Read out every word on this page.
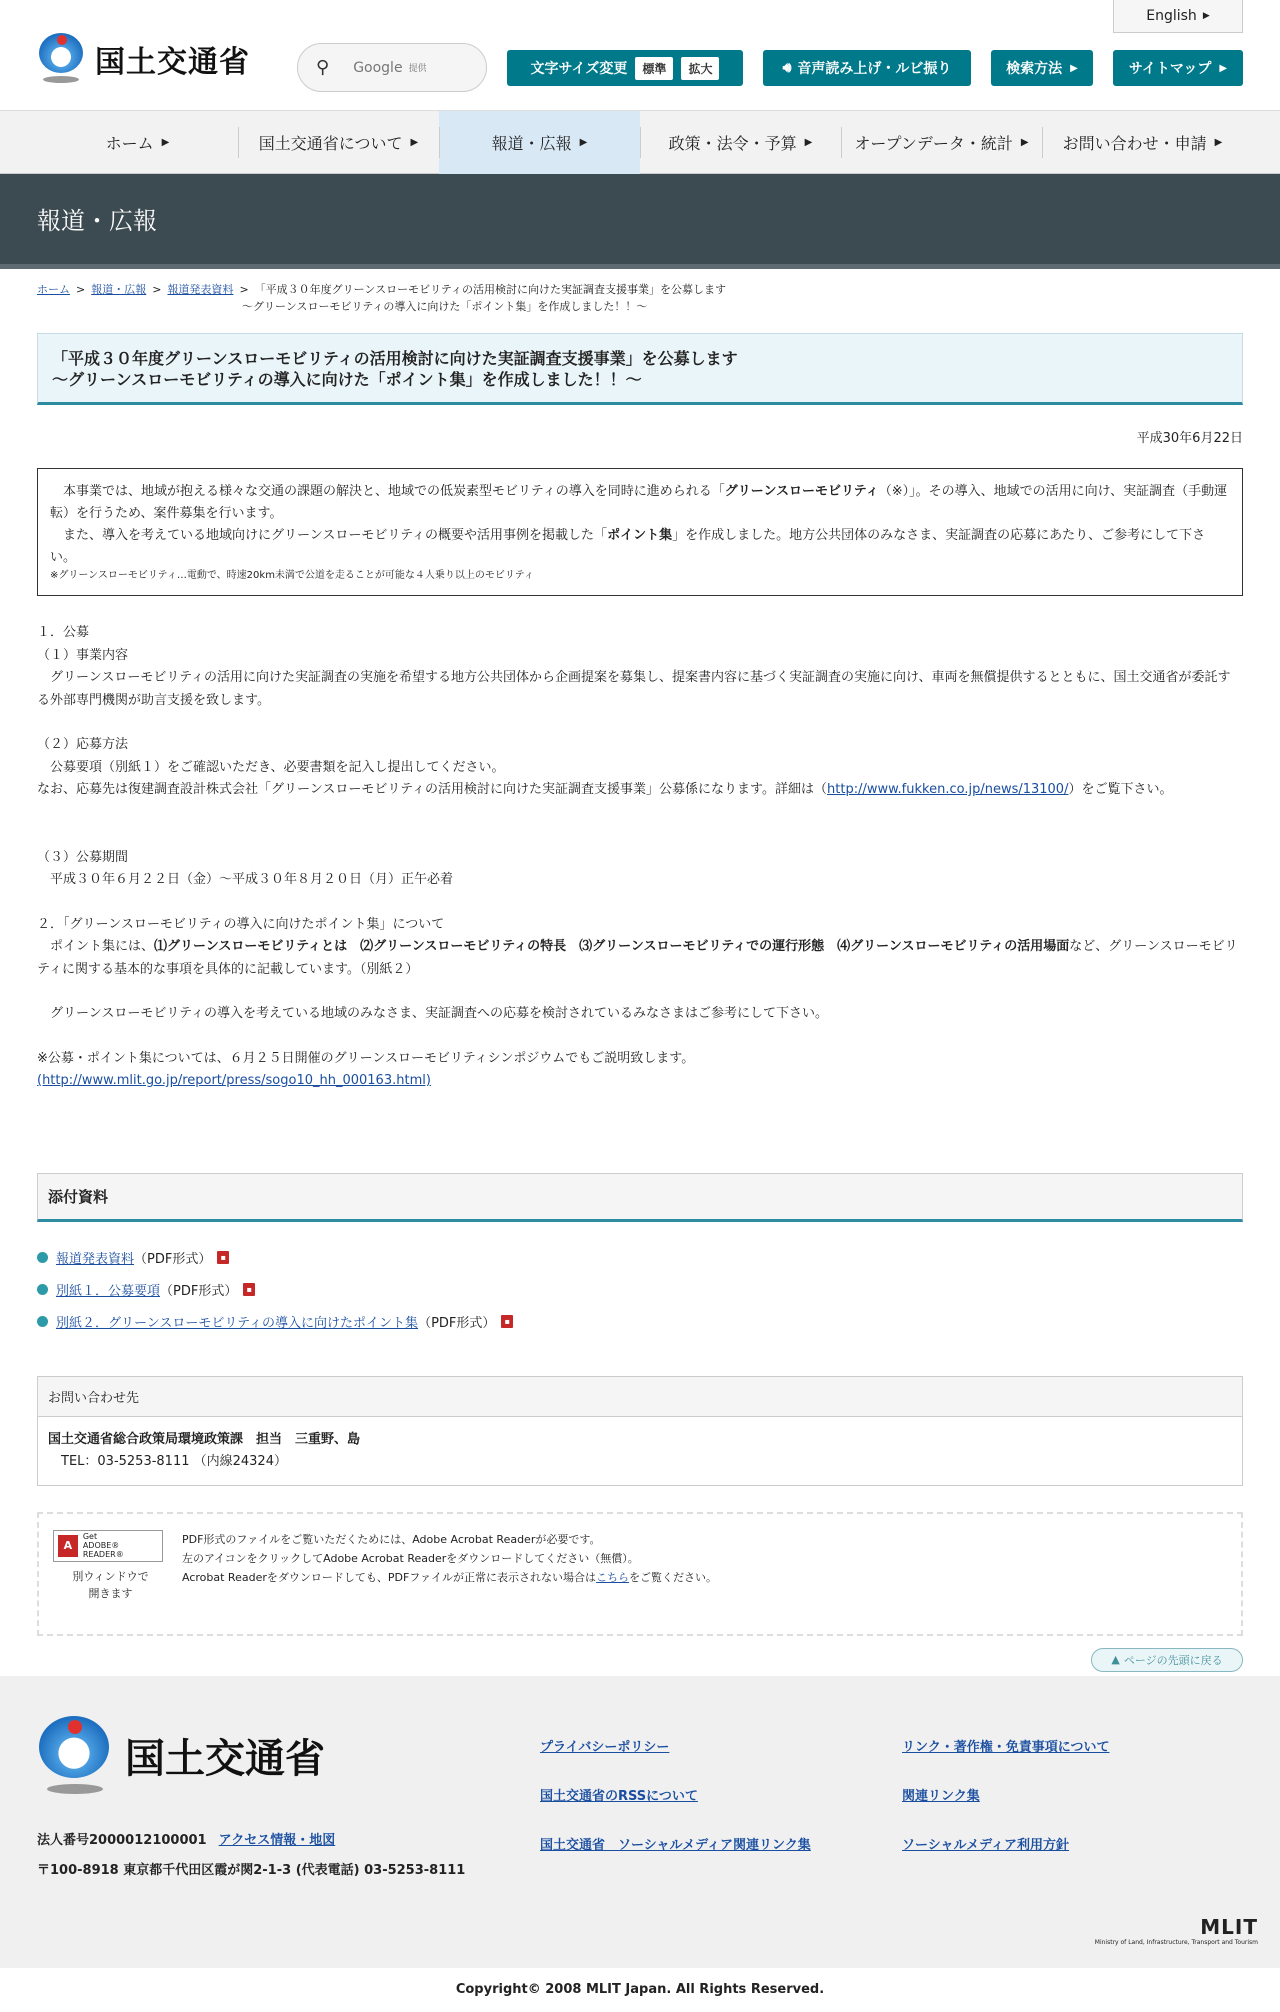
国土交通省
English ▶
⚲ Google 提供	文字サイズ変更	標準	拡大	🔊︎ 音声読み上げ・ルビ振り	検索方法 ▶	サイトマップ ▶
ホーム ▶	国土交通省について ▶	報道・広報 ▶	政策・法令・予算 ▶	オープンデータ・統計 ▶ お問い合わせ・申請 ▶
報道・広報
ホーム > 報道・広報 > 報道発表資料 > 「平成３０年度グリーンスローモビリティの活用検討に向けた実証調査支援事業」を公募します
～グリーンスローモビリティの導入に向けた「ポイント集」を作成しました！！～
「平成３０年度グリーンスローモビリティの活用検討に向けた実証調査支援事業」を公募します
～グリーンスローモビリティの導入に向けた「ポイント集」を作成しました！！～
平成30年6月22日
　本事業では、地域が抱える様々な交通の課題の解決と、地域での低炭素型モビリティの導入を同時に進められる「グリーンスローモビリティ（※）」。その導入、地域での活用に向け、実証調査（手動運転）を行うため、案件募集を行います。
　また、導入を考えている地域向けにグリーンスローモビリティの概要や活用事例を掲載した「ポイント集」を作成しました。地方公共団体のみなさま、実証調査の応募にあたり、ご参考にして下さい。
※グリーンスローモビリティ…電動で、時速20km未満で公道を走ることが可能な４人乗り以上のモビリティ
１．公募
（１）事業内容
　グリーンスローモビリティの活用に向けた実証調査の実施を希望する地方公共団体から企画提案を募集し、提案書内容に基づく実証調査の実施に向け、車両を無償提供するとともに、国土交通省が委託する外部専門機関が助言支援を致します。
（２）応募方法
　公募要項（別紙１）をご確認いただき、必要書類を記入し提出してください。
なお、応募先は復建調査設計株式会社「グリーンスローモビリティの活用検討に向けた実証調査支援事業」公募係になります。詳細は（http://www.fukken.co.jp/news/13100/）をご覧下さい。
（３）公募期間
　平成３０年６月２２日（金）～平成３０年８月２０日（月）正午必着
２．「グリーンスローモビリティの導入に向けたポイント集」について
　ポイント集には、⑴グリーンスローモビリティとは　⑵グリーンスローモビリティの特長　⑶グリーンスローモビリティでの運行形態　⑷グリーンスローモビリティの活用場面など、グリーンスローモビリティに関する基本的な事項を具体的に記載しています。（別紙２）
　グリーンスローモビリティの導入を考えている地域のみなさま、実証調査への応募を検討されているみなさまはご参考にして下さい。
※公募・ポイント集については、６月２５日開催のグリーンスローモビリティシンポジウムでもご説明致します。
(http://www.mlit.go.jp/report/press/sogo10_hh_000163.html)
添付資料
報道発表資料 （PDF形式）	▪
別紙１．公募要項 （PDF形式）	▪
別紙２．グリーンスローモビリティの導入に向けたポイント集 （PDF形式）	▪
お問い合わせ先
国土交通省総合政策局環境政策課　担当　三重野、島
　TEL：03-5253-8111 （内線24324）
A
Get
ADOBE® READER®
別ウィンドウで
開きます
PDF形式のファイルをご覧いただくためには、Adobe Acrobat Readerが必要です。
左のアイコンをクリックしてAdobe Acrobat Readerをダウンロードしてください（無償）。
Acrobat Readerをダウンロードしても、PDFファイルが正常に表示されない場合はこちらをご覧ください。
▲ ページの先頭に戻る
国土交通省
法人番号2000012100001 アクセス情報・地図
〒100-8918 東京都千代田区霞が関2-1-3 (代表電話) 03-5253-8111
プライバシーポリシー	リンク・著作権・免責事項について
国土交通省のRSSについて	関連リンク集
国土交通省　ソーシャルメディア関連リンク集	ソーシャルメディア利用方針
MLIT
Ministry of Land, Infrastructure, Transport and Tourism
Copyright© 2008 MLIT Japan. All Rights Reserved.
